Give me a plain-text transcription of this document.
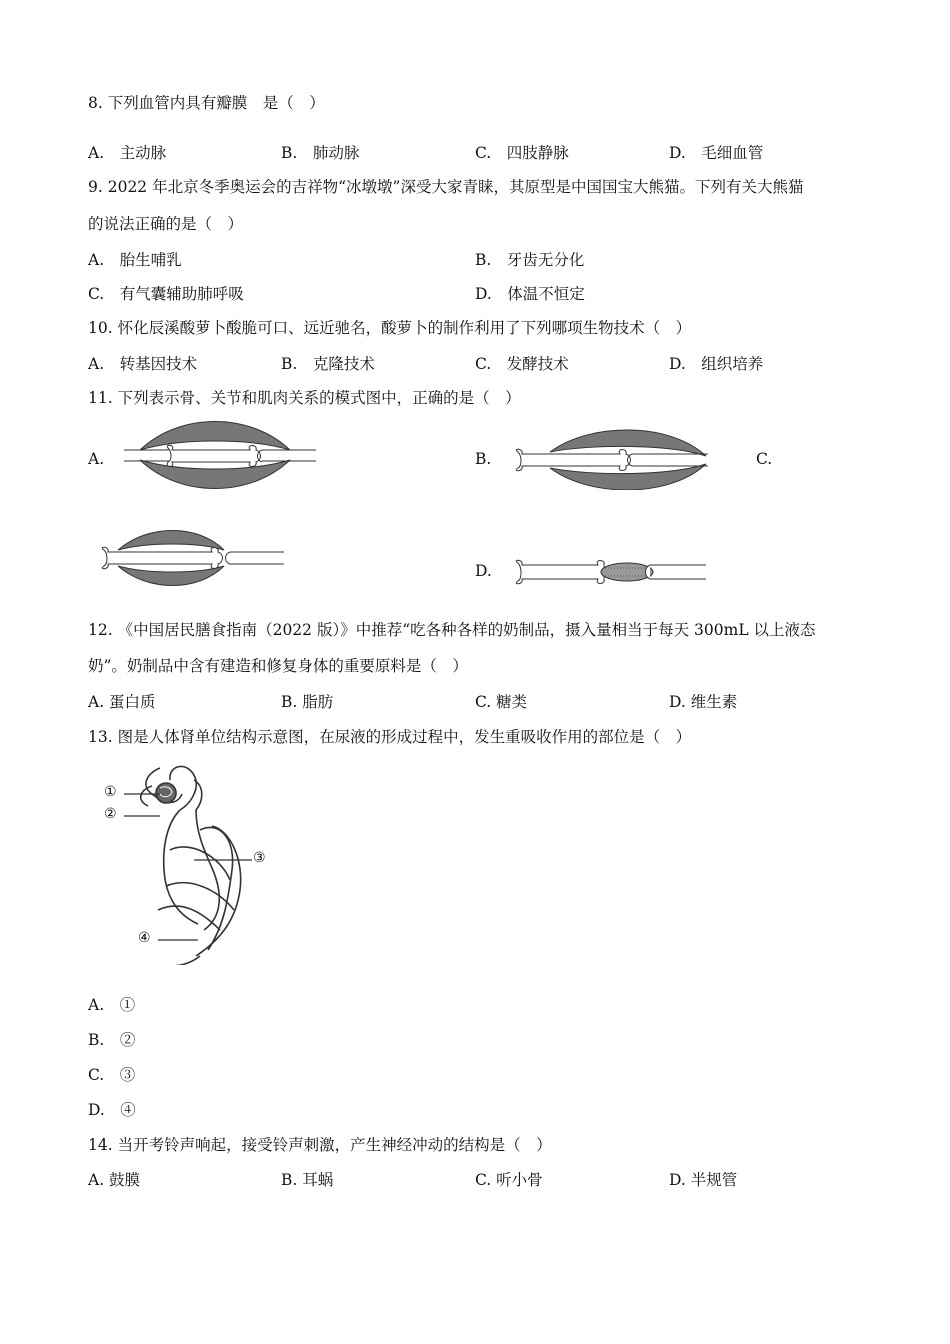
8. 下列血管内具有瓣膜　是（　）
A.　主动脉	B.　肺动脉	C.　四肢静脉	D.　毛细血管
9. 2022 年北京冬季奥运会的吉祥物“冰墩墩”深受大家青睐，其原型是中国国宝大熊猫。下列有关大熊猫
的说法正确的是（　）
A.　胎生哺乳	B.　牙齿无分化
C.　有气囊辅助肺呼吸	D.　体温不恒定
10. 怀化辰溪酸萝卜酸脆可口、远近驰名，酸萝卜的制作利用了下列哪项生物技术（　）
A.　转基因技术	B.　克隆技术	C.　发酵技术	D.　组织培养
11. 下列表示骨、关节和肌肉关系的模式图中，正确的是（　）
A.	B.	C.
D.
12. 《中国居民膳食指南（2022 版）》中推荐“吃各种各样的奶制品，摄入量相当于每天 300mL 以上液态
奶”。奶制品中含有建造和修复身体的重要原料是（　）
A. 蛋白质	B. 脂肪	C. 糖类	D. 维生素
13. 图是人体肾单位结构示意图，在尿液的形成过程中，发生重吸收作用的部位是（　）
①
②
③
④
A.　①
B.　②
C.　③
D.　④
14. 当开考铃声响起，接受铃声刺激，产生神经冲动的结构是（　）
A. 鼓膜	B. 耳蜗	C. 听小骨	D. 半规管
